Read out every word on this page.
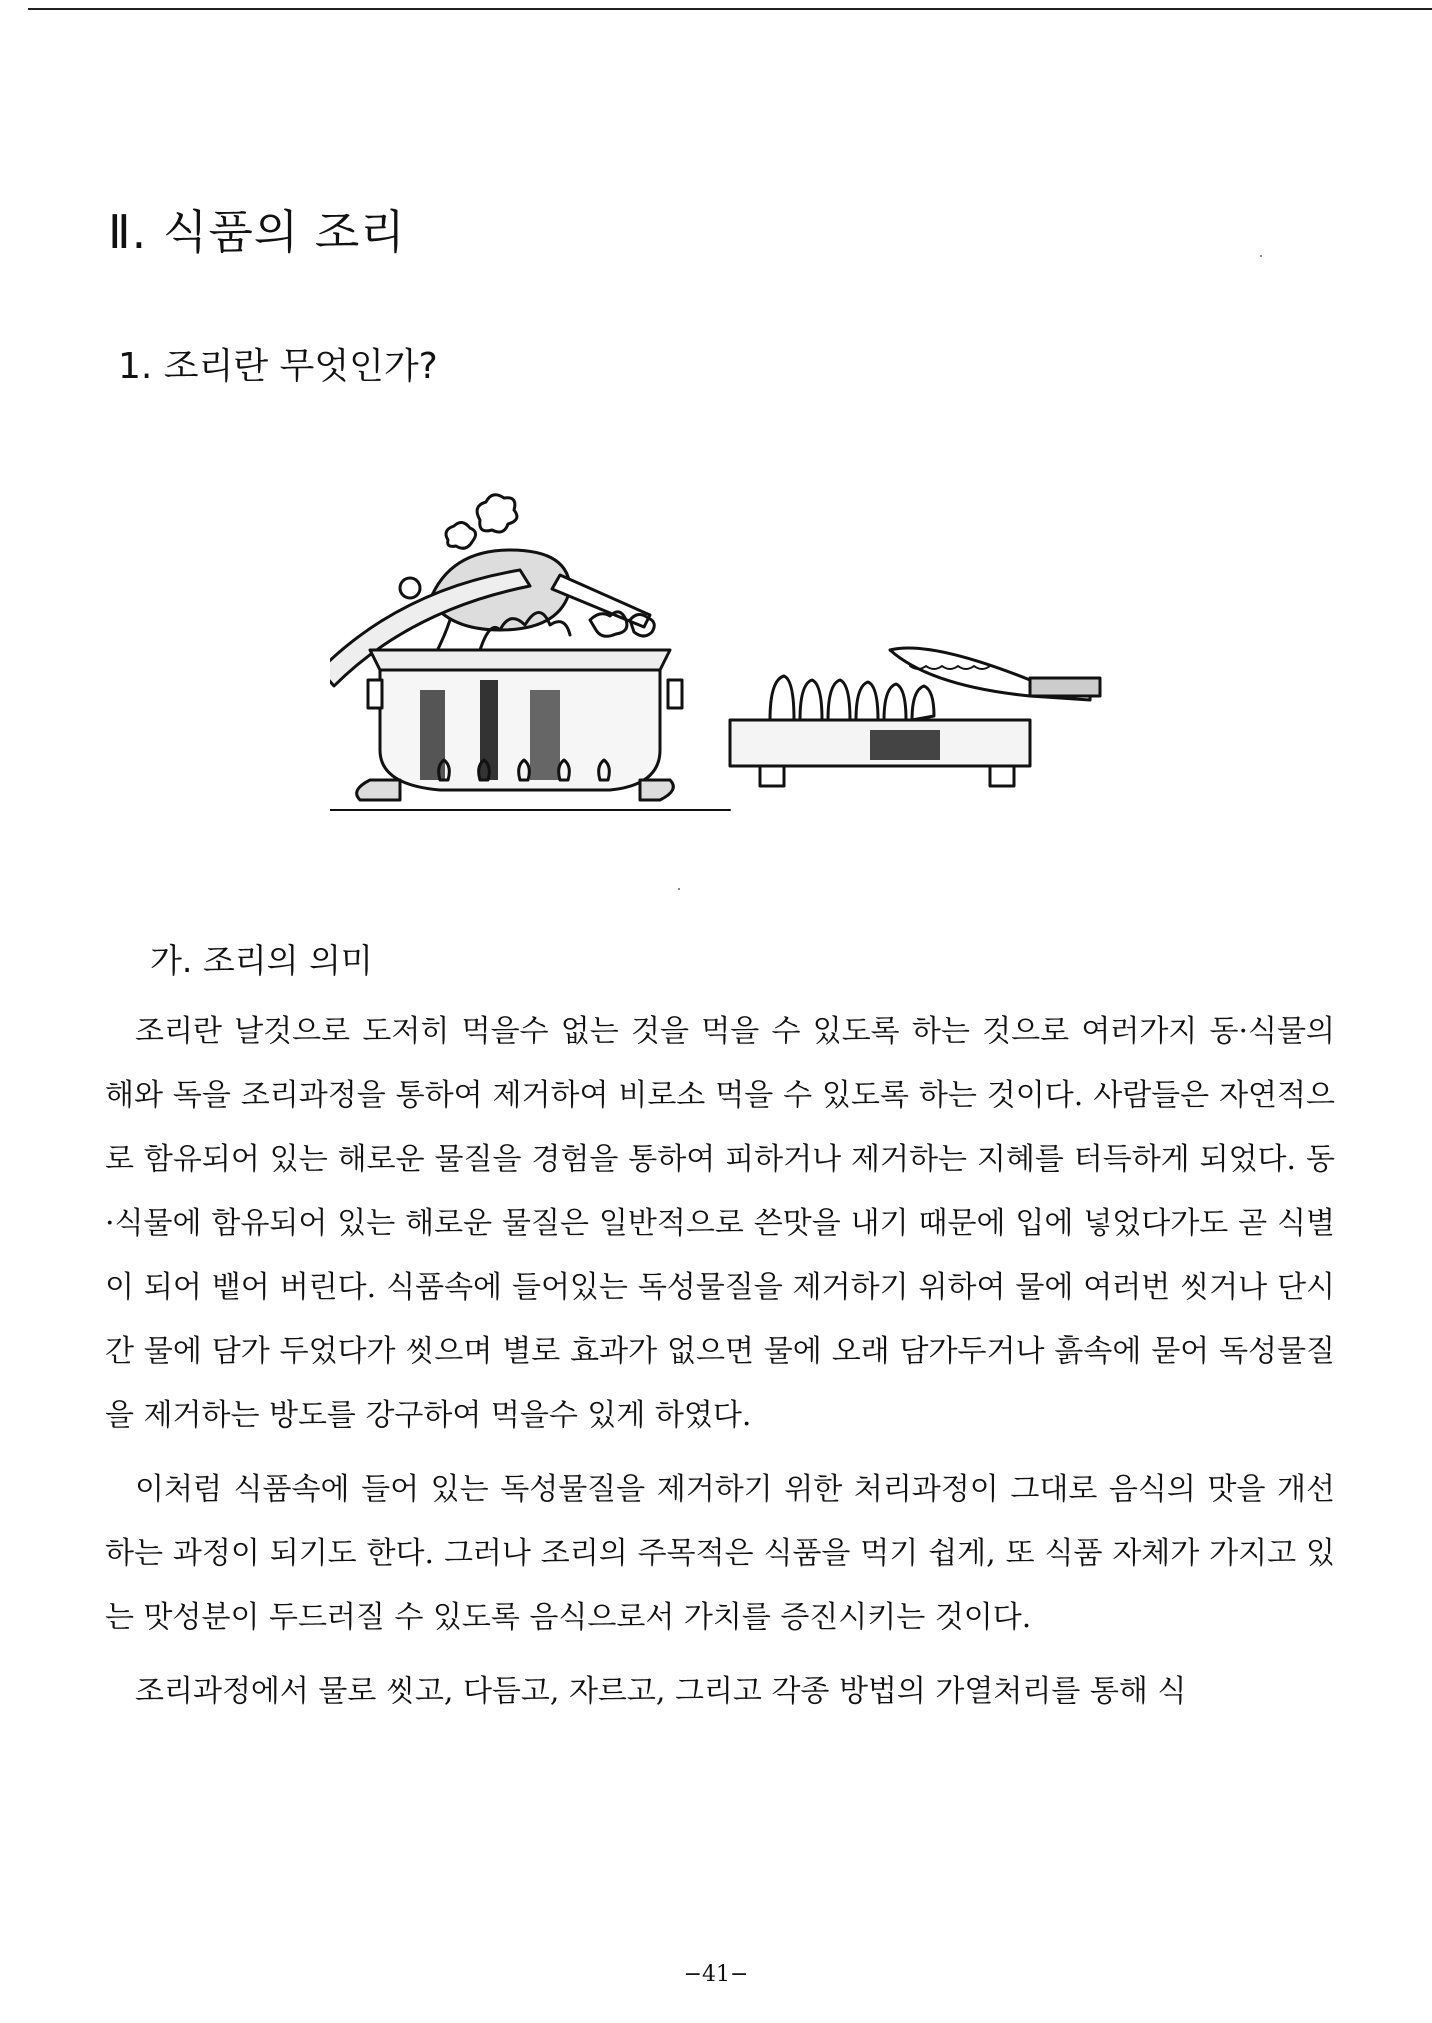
Ⅱ. 식품의 조리
1. 조리란 무엇인가?
가. 조리의 의미

조리란 날것으로 도저히 먹을수 없는 것을 먹을 수 있도록 하는 것으로 여러가지 동·식물의 해와 독을 조리과정을 통하여 제거하여 비로소 먹을 수 있도록 하는 것이다. 사람들은 자연적으로 함유되어 있는 해로운 물질을 경험을 통하여 피하거나 제거하는 지혜를 터득하게 되었다. 동·식물에 함유되어 있는 해로운 물질은 일반적으로 쓴맛을 내기 때문에 입에 넣었다가도 곧 식별이 되어 뱉어 버린다. 식품속에 들어있는 독성물질을 제거하기 위하여 물에 여러번 씻거나 단시간 물에 담가 두었다가 씻으며 별로 효과가 없으면 물에 오래 담가두거나 흙속에 묻어 독성물질을 제거하는 방도를 강구하여 먹을수 있게 하였다.

이처럼 식품속에 들어 있는 독성물질을 제거하기 위한 처리과정이 그대로 음식의 맛을 개선하는 과정이 되기도 한다. 그러나 조리의 주목적은 식품을 먹기 쉽게, 또 식품 자체가 가지고 있는 맛성분이 두드러질 수 있도록 음식으로서 가치를 증진시키는 것이다.

조리과정에서 물로 씻고, 다듬고, 자르고, 그리고 각종 방법의 가열처리를 통해 식

−41−
